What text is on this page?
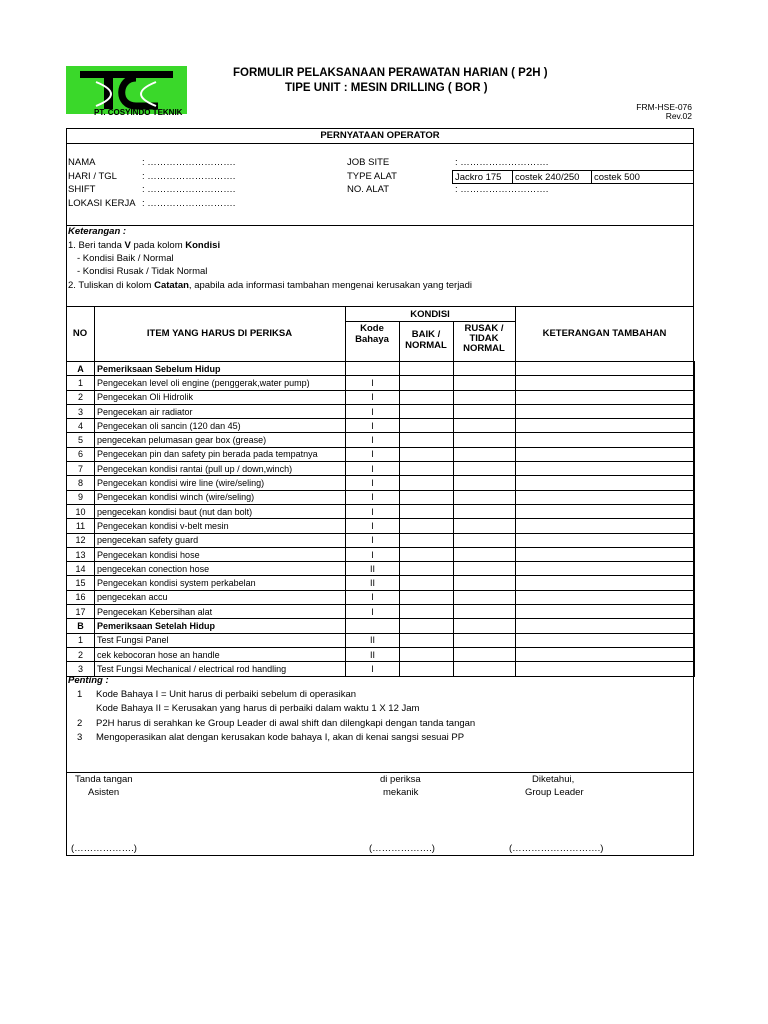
PT. COSYINDO TEKNIK
FORMULIR PELAKSANAAN PERAWATAN HARIAN ( P2H )
TIPE UNIT : MESIN DRILLING ( BOR )
FRM-HSE-076
Rev.02
PERNYATAAN OPERATOR
NAMA	: ……………………….
HARI / TGL	: ……………………….
SHIFT	: ……………………….
LOKASI KERJA : ……………………….
JOB SITE	: ……………………….
TYPE ALAT
NO. ALAT	: ……………………….
Jackro 175 costek 240/250 costek 500
Keterangan :
1. Beri tanda V pada kolom Kondisi
- Kondisi Baik / Normal
- Kondisi Rusak / Tidak Normal
2. Tuliskan di kolom Catatan, apabila ada informasi tambahan mengenai kerusakan yang terjadi
NO	ITEM YANG HARUS DI PERIKSA	Kode Bahaya
KONDISI
BAIK / NORMAL
RUSAK / TIDAK NORMAL
KETERANGAN TAMBAHAN
A	Pemeriksaan Sebelum Hidup				
1	Pengecekan level oli engine (penggerak,water pump)	I			
2	Pengecekan Oli Hidrolik	I			
3	Pengecekan air radiator	I			
4	Pengecekan oli sancin (120 dan 45)	I			
5	pengecekan pelumasan gear box (grease)	I			
6	Pengecekan pin dan safety pin berada pada tempatnya	I			
7	Pengecekan kondisi rantai (pull up / down,winch)	I			
8	Pengecekan kondisi wire line (wire/seling)	I			
9	Pengecekan kondisi winch (wire/seling)	I			
10	pengecekan kondisi baut (nut dan bolt)	I			
11	Pengecekan kondisi v-belt mesin	I			
12	pengecekan safety guard	I			
13	Pengecekan kondisi hose	I			
14	pengecekan conection hose	II			
15	Pengecekan kondisi system perkabelan	II			
16	pengecekan accu	I			
17	Pengecekan Kebersihan alat	I			
B	Pemeriksaan Setelah Hidup				
1	Test Fungsi Panel	II			
2	cek kebocoran hose an handle	II			
3	Test Fungsi Mechanical / electrical rod handling	I			
Penting :
1 Kode Bahaya I = Unit harus di perbaiki sebelum di operasikan
Kode Bahaya II = Kerusakan yang harus di perbaiki dalam waktu 1 X 12 Jam
2 P2H harus di serahkan ke Group Leader di awal shift dan dilengkapi dengan tanda tangan
3 Mengoperasikan alat dengan kerusakan kode bahaya I, akan di kenai sangsi sesuai PP
Tanda tangan
Asisten
(……………….)
di periksa
mekanik
(……………….)
Diketahui,
Group Leader
(……………………….)
